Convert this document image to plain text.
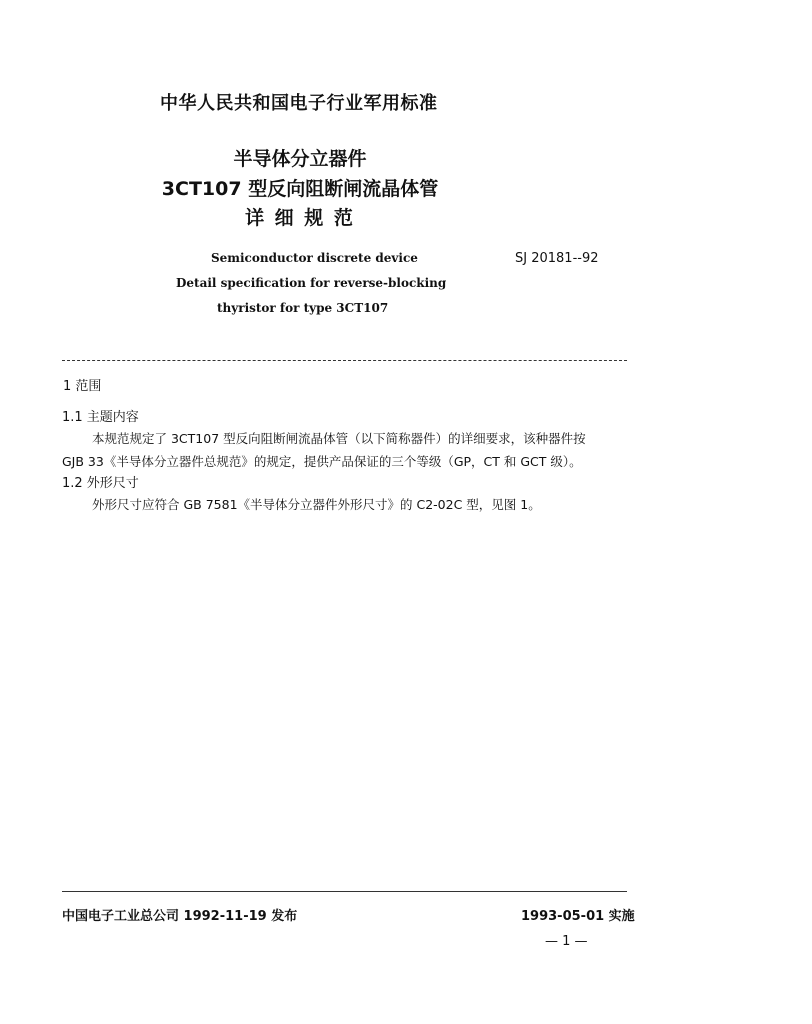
中华人民共和国电子行业军用标准
半导体分立器件
3CT107 型反向阻断闸流晶体管
详 细 规 范
Semiconductor discrete device
Detail specification for reverse-blocking
thyristor for type 3CT107
SJ 20181--92
1 范围
1.1 主题内容
本规范规定了 3CT107 型反向阻断闸流晶体管（以下简称器件）的详细要求，该种器件按
GJB 33《半导体分立器件总规范》的规定，提供产品保证的三个等级（GP，CT 和 GCT 级）。
1.2 外形尺寸
外形尺寸应符合 GB 7581《半导体分立器件外形尺寸》的 C2-02C 型，见图 1。
中国电子工业总公司 1992-11-19 发布	1993-05-01 实施
— 1 —
